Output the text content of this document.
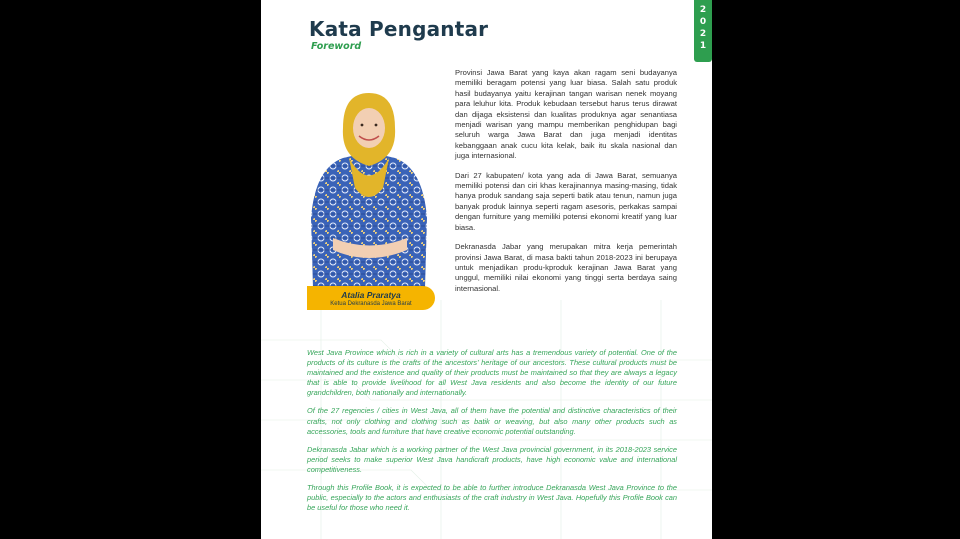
2
0
2
1
Kata Pengantar
Foreword
Atalia Praratya
Ketua Dekranasda Jawa Barat

Provinsi Jawa Barat yang kaya akan ragam seni budayanya memiliki beragam potensi yang luar biasa. Salah satu produk hasil budayanya yaitu kerajinan tangan warisan nenek moyang para leluhur kita. Produk kebudaan tersebut harus terus dirawat dan dijaga eksistensi dan kualitas produknya agar senantiasa menjadi warisan yang mampu memberikan penghidupan bagi seluruh warga Jawa Barat dan juga menjadi identitas kebanggaan anak cucu kita kelak, baik itu skala nasional dan juga internasional.

Dari 27 kabupaten/ kota yang ada di Jawa Barat, semuanya memiliki potensi dan ciri khas kerajinannya masing-masing, tidak hanya produk sandang saja seperti batik atau tenun, namun juga banyak produk lainnya seperti ragam asesoris, perkakas sampai dengan furniture yang memiliki potensi ekonomi kreatif yang luar biasa.

Dekranasda Jabar yang merupakan mitra kerja pemerintah provinsi Jawa Barat, di masa bakti tahun 2018-2023 ini berupaya untuk menjadikan produ-kproduk kerajinan Jawa Barat yang unggul, memiliki nilai ekonomi yang tinggi serta berdaya saing internasional.

West Java Province which is rich in a variety of cultural arts has a tremendous variety of potential. One of the products of its culture is the crafts of the ancestors' heritage of our ancestors. These cultural products must be maintained and the existence and quality of their products must be maintained so that they are always a legacy that is able to provide livelihood for all West Java residents and also become the identity of our future grandchildren, both nationally and internationally.

Of the 27 regencies / cities in West Java, all of them have the potential and distinctive characteristics of their crafts, not only clothing and clothing such as batik or weaving, but also many other products such as accessories, tools and furniture that have creative economic potential outstanding.

Dekranasda Jabar which is a working partner of the West Java provincial government, in its 2018-2023 service period seeks to make superior West Java handicraft products, have high economic value and international competitiveness.

Through this Profile Book, it is expected to be able to further introduce Dekranasda West Java Province to the public, especially to the actors and enthusiasts of the craft industry in West Java. Hopefully this Profile Book can be useful for those who need it.
